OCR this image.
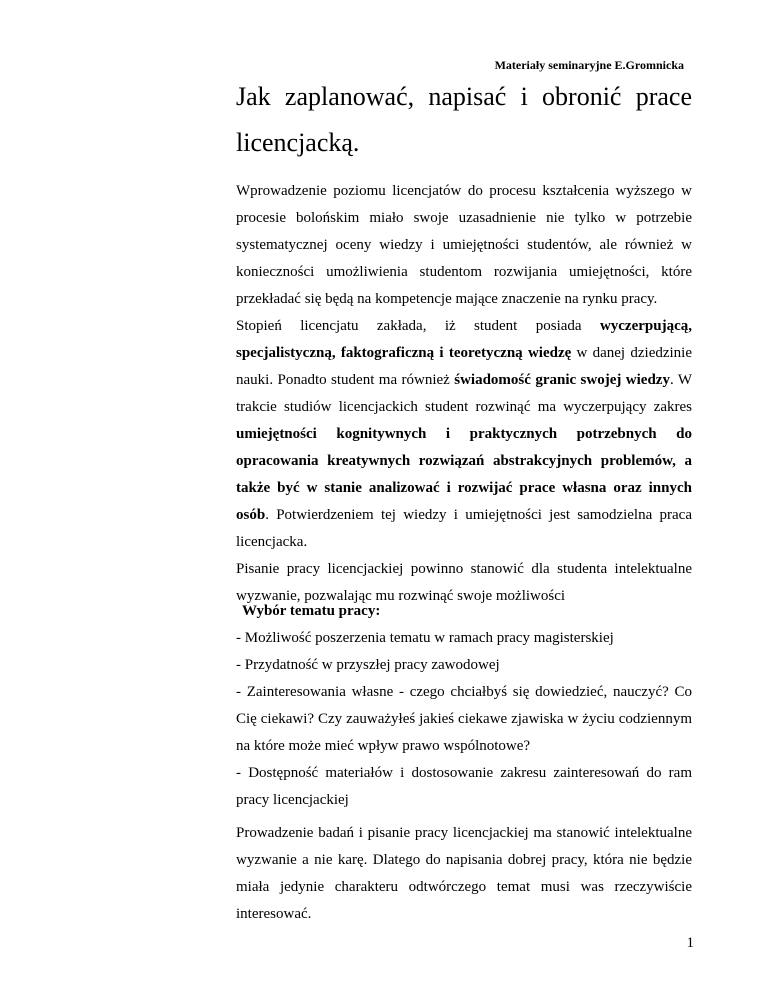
Materiały seminaryjne E.Gromnicka
Jak zaplanować, napisać i obronić prace licencjacką.
Wprowadzenie poziomu licencjatów do procesu kształcenia wyższego w procesie bolońskim miało swoje uzasadnienie nie tylko w potrzebie systematycznej oceny wiedzy i umiejętności studentów, ale również w konieczności umożliwienia studentom rozwijania umiejętności, które przekładać się będą na kompetencje mające znaczenie na rynku pracy.
Stopień licencjatu zakłada, iż student posiada wyczerpującą, specjalistyczną, faktograficzną i teoretyczną wiedzę w danej dziedzinie nauki. Ponadto student ma również świadomość granic swojej wiedzy. W trakcie studiów licencjackich student rozwinąć ma wyczerpujący zakres umiejętności kognitywnych i praktycznych potrzebnych do opracowania kreatywnych rozwiązań abstrakcyjnych problemów, a także być w stanie analizować i rozwijać prace własna oraz innych osób. Potwierdzeniem tej wiedzy i umiejętności jest samodzielna praca licencjacka.
Pisanie pracy licencjackiej powinno stanowić dla studenta intelektualne wyzwanie, pozwalając mu rozwinąć swoje możliwości
Wybór tematu pracy:
- Możliwość poszerzenia tematu w ramach pracy magisterskiej
- Przydatność w przyszłej pracy zawodowej
- Zainteresowania własne - czego chciałbyś się dowiedzieć, nauczyć? Co Cię ciekawi? Czy zauważyłeś jakieś ciekawe zjawiska w życiu codziennym na które może mieć wpływ prawo wspólnotowe?
- Dostępność materiałów i dostosowanie zakresu zainteresowań do ram pracy licencjackiej
Prowadzenie badań i pisanie pracy licencjackiej ma stanowić intelektualne wyzwanie a nie karę. Dlatego do napisania dobrej pracy, która nie będzie miała jedynie charakteru odtwórczego temat musi was rzeczywiście interesować.
1
